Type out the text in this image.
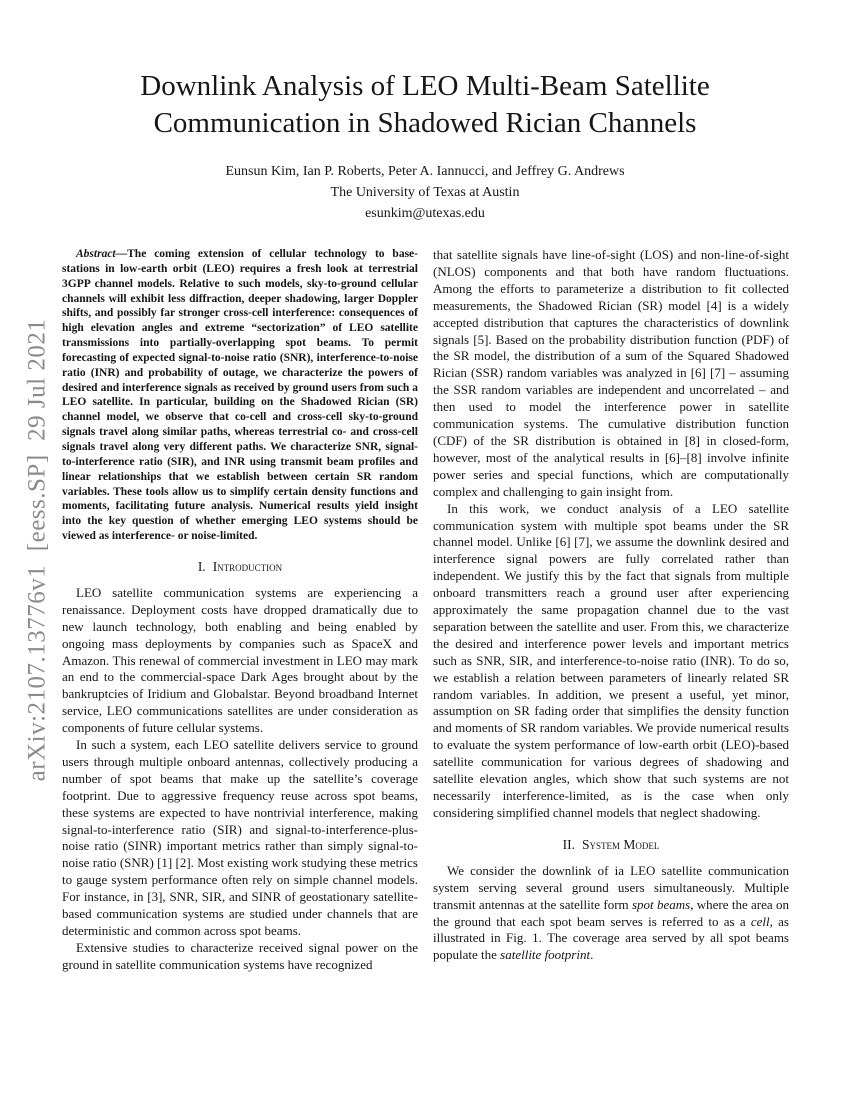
arXiv:2107.13776v1  [eess.SP]  29 Jul 2021
Downlink Analysis of LEO Multi-Beam Satellite
Communication in Shadowed Rician Channels
Eunsun Kim, Ian P. Roberts, Peter A. Iannucci, and Jeffrey G. Andrews
The University of Texas at Austin
esunkim@utexas.edu

Abstract—The coming extension of cellular technology to base-stations in low-earth orbit (LEO) requires a fresh look at terrestrial 3GPP channel models. Relative to such models, sky-to-ground cellular channels will exhibit less diffraction, deeper shadowing, larger Doppler shifts, and possibly far stronger cross-cell interference: consequences of high elevation angles and extreme “sectorization” of LEO satellite transmissions into partially-overlapping spot beams. To permit forecasting of expected signal-to-noise ratio (SNR), interference-to-noise ratio (INR) and probability of outage, we characterize the powers of desired and interference signals as received by ground users from such a LEO satellite. In particular, building on the Shadowed Rician (SR) channel model, we observe that co-cell and cross-cell sky-to-ground signals travel along similar paths, whereas terrestrial co- and cross-cell signals travel along very different paths. We characterize SNR, signal-to-interference ratio (SIR), and INR using transmit beam profiles and linear relationships that we establish between certain SR random variables. These tools allow us to simplify certain density functions and moments, facilitating future analysis. Numerical results yield insight into the key question of whether emerging LEO systems should be viewed as interference- or noise-limited.

I. Introduction

LEO satellite communication systems are experiencing a renaissance. Deployment costs have dropped dramatically due to new launch technology, both enabling and being enabled by ongoing mass deployments by companies such as SpaceX and Amazon. This renewal of commercial investment in LEO may mark an end to the commercial-space Dark Ages brought about by the bankruptcies of Iridium and Globalstar. Beyond broadband Internet service, LEO communications satellites are under consideration as components of future cellular systems.

In such a system, each LEO satellite delivers service to ground users through multiple onboard antennas, collectively producing a number of spot beams that make up the satellite’s coverage footprint. Due to aggressive frequency reuse across spot beams, these systems are expected to have nontrivial interference, making signal-to-interference ratio (SIR) and signal-to-interference-plus-noise ratio (SINR) important metrics rather than simply signal-to-noise ratio (SNR) [1] [2]. Most existing work studying these metrics to gauge system performance often rely on simple channel models. For instance, in [3], SNR, SIR, and SINR of geostationary satellite-based communication systems are studied under channels that are deterministic and common across spot beams.

Extensive studies to characterize received signal power on the ground in satellite communication systems have recognized

that satellite signals have line-of-sight (LOS) and non-line-of-sight (NLOS) components and that both have random fluctuations. Among the efforts to parameterize a distribution to fit collected measurements, the Shadowed Rician (SR) model [4] is a widely accepted distribution that captures the characteristics of downlink signals [5]. Based on the probability distribution function (PDF) of the SR model, the distribution of a sum of the Squared Shadowed Rician (SSR) random variables was analyzed in [6] [7] – assuming the SSR random variables are independent and uncorrelated – and then used to model the interference power in satellite communication systems. The cumulative distribution function (CDF) of the SR distribution is obtained in [8] in closed-form, however, most of the analytical results in [6]–[8] involve infinite power series and special functions, which are computationally complex and challenging to gain insight from.

In this work, we conduct analysis of a LEO satellite communication system with multiple spot beams under the SR channel model. Unlike [6] [7], we assume the downlink desired and interference signal powers are fully correlated rather than independent. We justify this by the fact that signals from multiple onboard transmitters reach a ground user after experiencing approximately the same propagation channel due to the vast separation between the satellite and user. From this, we characterize the desired and interference power levels and important metrics such as SNR, SIR, and interference-to-noise ratio (INR). To do so, we establish a relation between parameters of linearly related SR random variables. In addition, we present a useful, yet minor, assumption on SR fading order that simplifies the density function and moments of SR random variables. We provide numerical results to evaluate the system performance of low-earth orbit (LEO)-based satellite communication for various degrees of shadowing and satellite elevation angles, which show that such systems are not necessarily interference-limited, as is the case when only considering simplified channel models that neglect shadowing.

II. System Model

We consider the downlink of ia LEO satellite communication system serving several ground users simultaneously. Multiple transmit antennas at the satellite form spot beams, where the area on the ground that each spot beam serves is referred to as a cell, as illustrated in Fig. 1. The coverage area served by all spot beams populate the satellite footprint.
